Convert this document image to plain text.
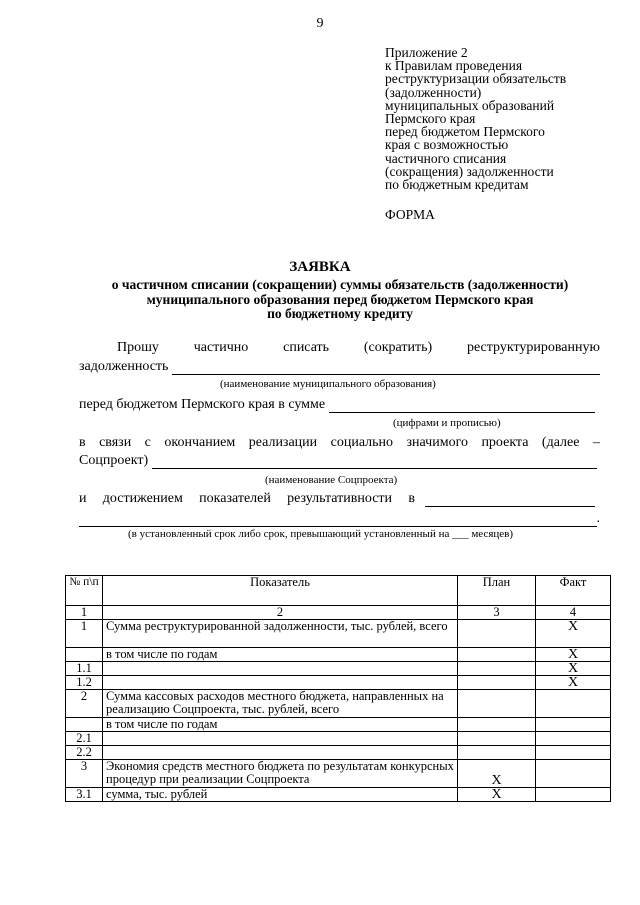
9
Приложение 2
к Правилам проведения
реструктуризации обязательств
(задолженности)
муниципальных образований
Пермского края
перед бюджетом Пермского
края с возможностью
частичного списания
(сокращения) задолженности
по бюджетным кредитам
ФОРМА
ЗАЯВКА
о частичном списании (сокращении) суммы обязательств (задолженности)
муниципального образования перед бюджетом Пермского края
по бюджетному кредиту
Прошу частично списать (сократить) реструктурированную
задолженность
(наименование муниципального образования)
перед бюджетом Пермского края в сумме
(цифрами и прописью)
в связи с окончанием реализации социально значимого проекта (далее –
Соцпроект)
(наименование Соцпроекта)
и достижением показателей результативности в
.
(в установленный срок либо срок, превышающий установленный на ___ месяцев)
№ п\п	Показатель	План	Факт
1	2	3	4
1	Сумма реструктурированной задолженности, тыс. рублей, всего		X
	в том числе по годам		X
1.1			X
1.2			X
2	Сумма кассовых расходов местного бюджета, направленных на реализацию Соцпроекта, тыс. рублей, всего		
	в том числе по годам		
2.1			
2.2			
3	Экономия средств местного бюджета по результатам конкурсных процедур при реализации Соцпроекта	X	
3.1	сумма, тыс. рублей	X	
